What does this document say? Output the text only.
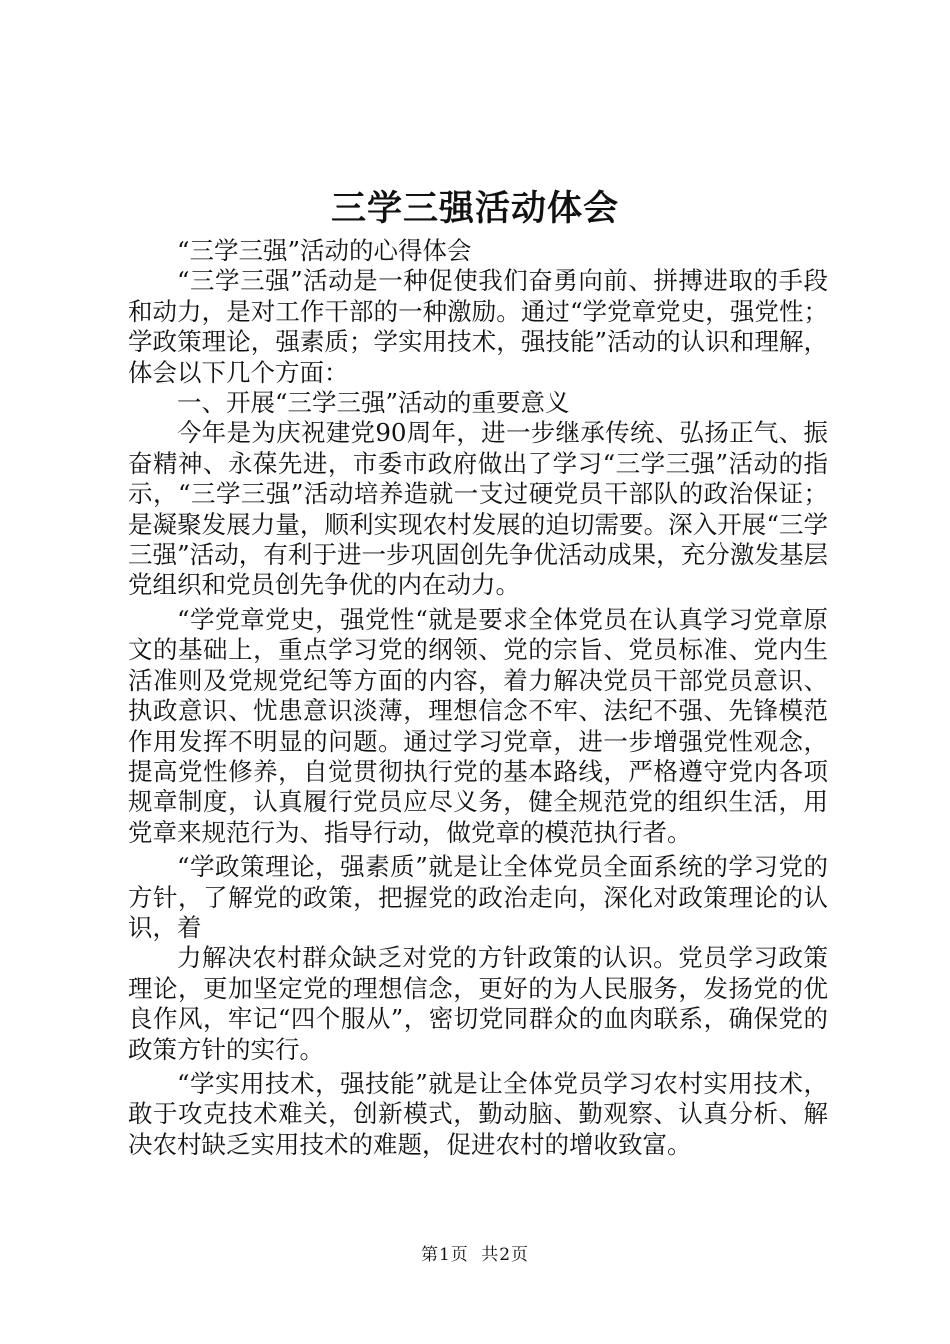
三学三强活动体会

“三学三强”活动的心得体会

“三学三强”活动是一种促使我们奋勇向前、拼搏进取的手段和动力，是对工作干部的一种激励。通过“学党章党史，强党性；学政策理论，强素质；学实用技术，强技能”活动的认识和理解，体会以下几个方面：

一、开展“三学三强”活动的重要意义

今年是为庆祝建党90周年，进一步继承传统、弘扬正气、振奋精神、永葆先进，市委市政府做出了学习“三学三强”活动的指示，“三学三强”活动培养造就一支过硬党员干部队的政治保证；是凝聚发展力量，顺利实现农村发展的迫切需要。深入开展“三学三强”活动，有利于进一步巩固创先争优活动成果，充分激发基层党组织和党员创先争优的内在动力。

“学党章党史，强党性“就是要求全体党员在认真学习党章原文的基础上，重点学习党的纲领、党的宗旨、党员标准、党内生活准则及党规党纪等方面的内容，着力解决党员干部党员意识、执政意识、忧患意识淡薄，理想信念不牢、法纪不强、先锋模范作用发挥不明显的问题。通过学习党章，进一步增强党性观念，提高党性修养，自觉贯彻执行党的基本路线，严格遵守党内各项规章制度，认真履行党员应尽义务，健全规范党的组织生活，用党章来规范行为、指导行动，做党章的模范执行者。

“学政策理论，强素质”就是让全体党员全面系统的学习党的方针，了解党的政策，把握党的政治走向，深化对政策理论的认识，着

力解决农村群众缺乏对党的方针政策的认识。党员学习政策理论，更加坚定党的理想信念，更好的为人民服务，发扬党的优良作风，牢记“四个服从”，密切党同群众的血肉联系，确保党的政策方针的实行。

“学实用技术，强技能”就是让全体党员学习农村实用技术，敢于攻克技术难关，创新模式，勤动脑、勤观察、认真分析、解决农村缺乏实用技术的难题，促进农村的增收致富。

第1页 共2页
